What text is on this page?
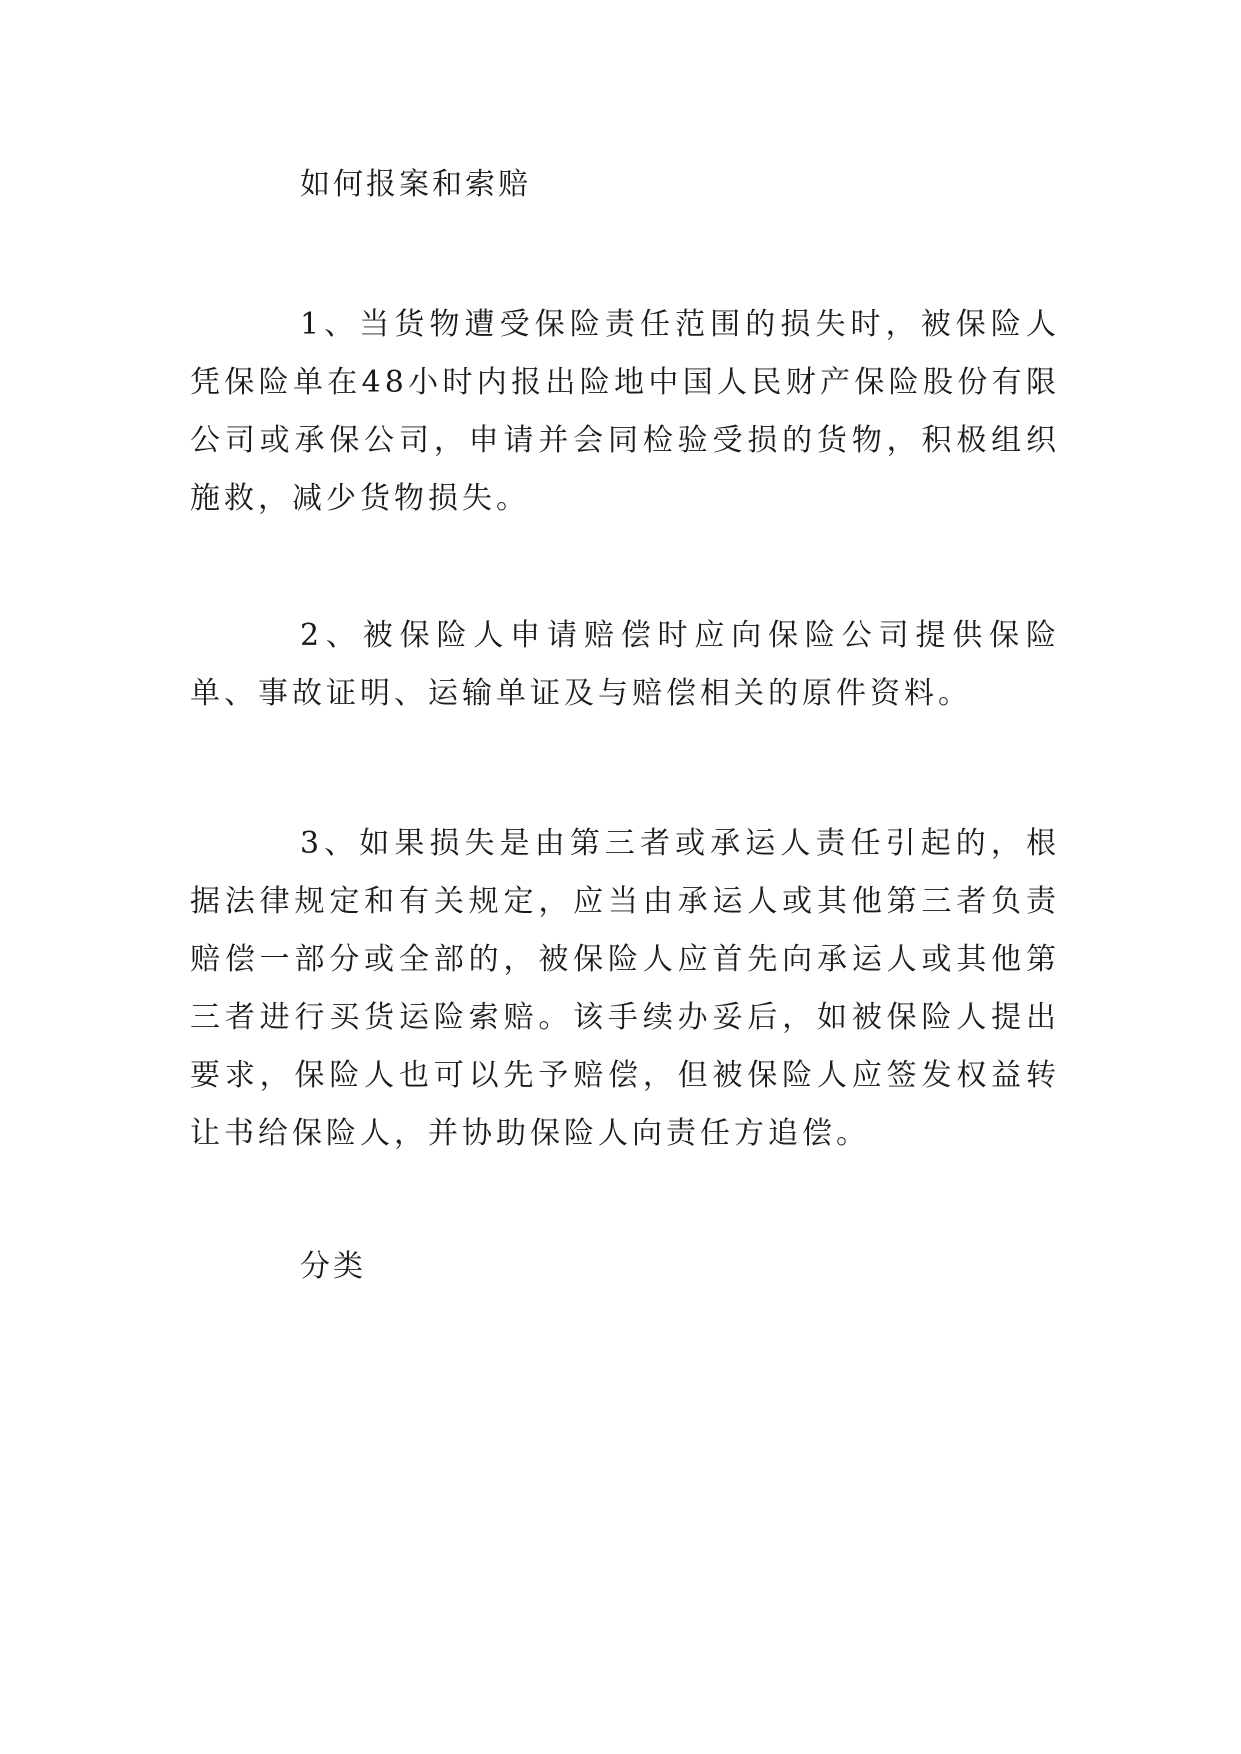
如何报案和索赔

1、当货物遭受保险责任范围的损失时，被保险人凭保险单在48小时内报出险地中国人民财产保险股份有限公司或承保公司，申请并会同检验受损的货物，积极组织施救，减少货物损失。

2、被保险人申请赔偿时应向保险公司提供保险单、事故证明、运输单证及与赔偿相关的原件资料。

3、如果损失是由第三者或承运人责任引起的，根据法律规定和有关规定，应当由承运人或其他第三者负责赔偿一部分或全部的，被保险人应首先向承运人或其他第三者进行买货运险索赔。该手续办妥后，如被保险人提出要求，保险人也可以先予赔偿，但被保险人应签发权益转让书给保险人，并协助保险人向责任方追偿。

分类
